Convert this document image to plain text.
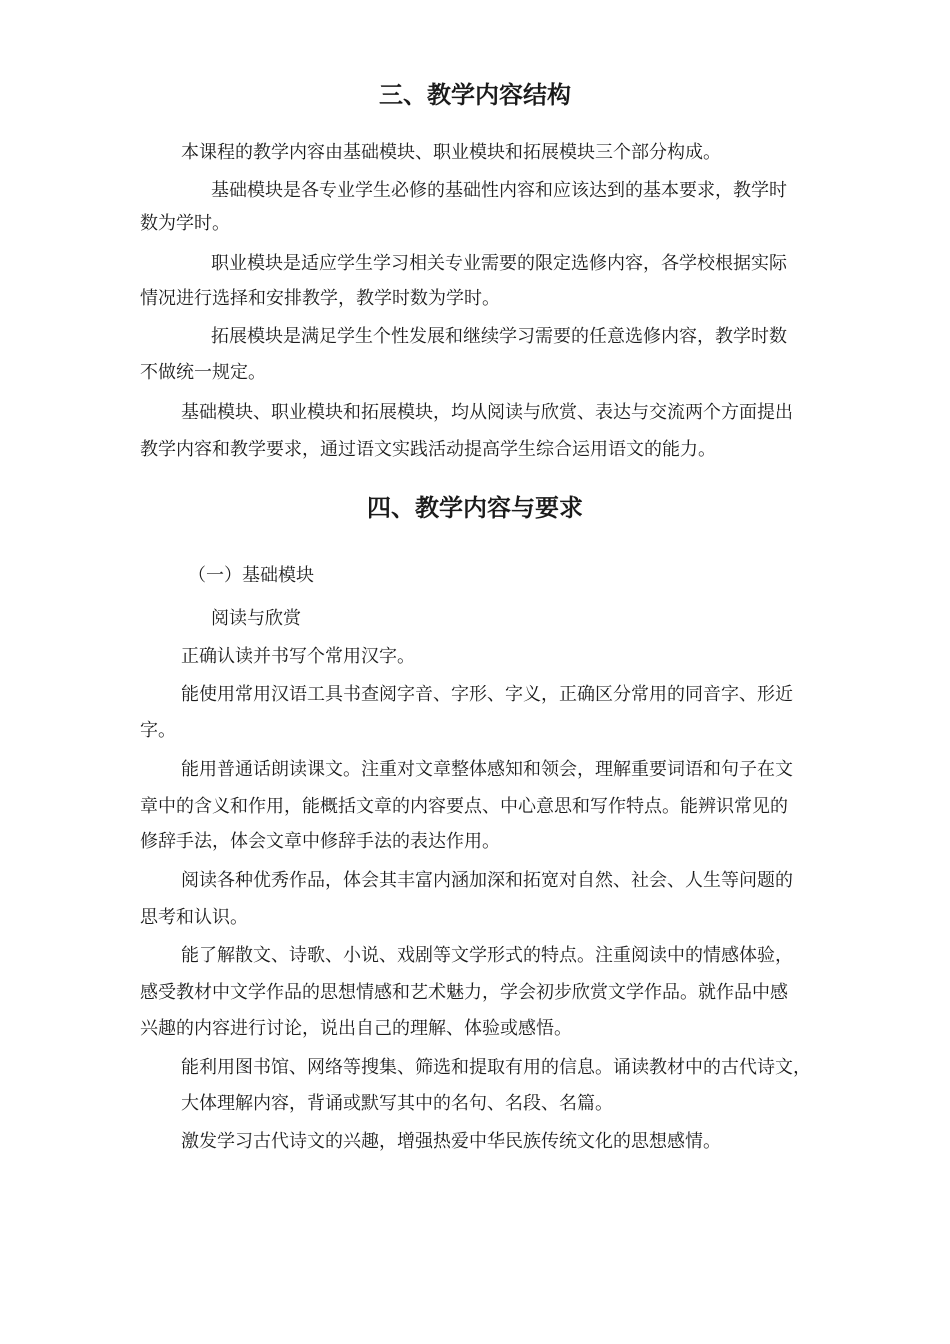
三、教学内容结构
本课程的教学内容由基础模块、职业模块和拓展模块三个部分构成。
基础模块是各专业学生必修的基础性内容和应该达到的基本要求，教学时
数为学时。
职业模块是适应学生学习相关专业需要的限定选修内容，各学校根据实际
情况进行选择和安排教学，教学时数为学时。
拓展模块是满足学生个性发展和继续学习需要的任意选修内容，教学时数
不做统一规定。
基础模块、职业模块和拓展模块，均从阅读与欣赏、表达与交流两个方面提出
教学内容和教学要求，通过语文实践活动提高学生综合运用语文的能力。
四、教学内容与要求
（一）基础模块
阅读与欣赏
正确认读并书写个常用汉字。
能使用常用汉语工具书查阅字音、字形、字义，正确区分常用的同音字、形近
字。
能用普通话朗读课文。注重对文章整体感知和领会，理解重要词语和句子在文
章中的含义和作用，能概括文章的内容要点、中心意思和写作特点。能辨识常见的
修辞手法，体会文章中修辞手法的表达作用。
阅读各种优秀作品，体会其丰富内涵加深和拓宽对自然、社会、人生等问题的
思考和认识。
能了解散文、诗歌、小说、戏剧等文学形式的特点。注重阅读中的情感体验，
感受教材中文学作品的思想情感和艺术魅力，学会初步欣赏文学作品。就作品中感
兴趣的内容进行讨论，说出自己的理解、体验或感悟。
能利用图书馆、网络等搜集、筛选和提取有用的信息。诵读教材中的古代诗文，
大体理解内容，背诵或默写其中的名句、名段、名篇。
激发学习古代诗文的兴趣，增强热爱中华民族传统文化的思想感情。
